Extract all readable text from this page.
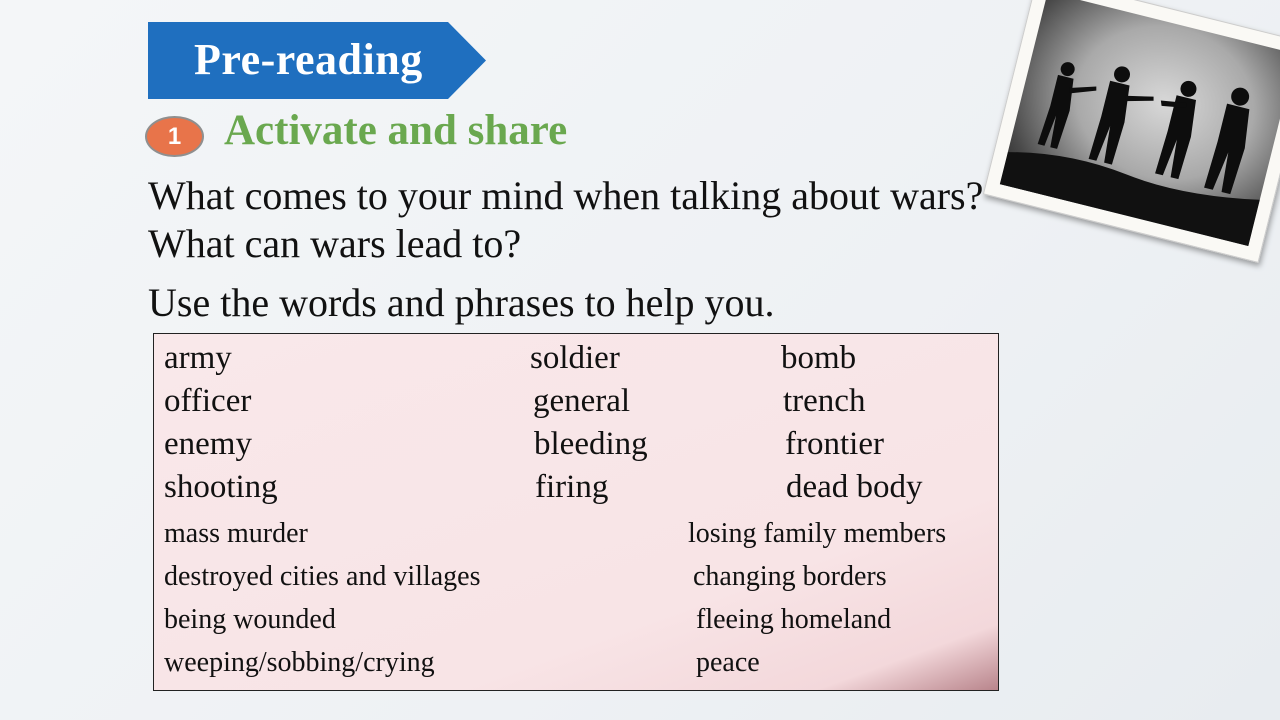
Pre-reading
1 Activate and share
What comes to your mind when talking about wars?
What can wars lead to?
Use the words and phrases to help you.
army
officer
enemy
shooting
soldier
general
bleeding
firing
bomb
trench
frontier
dead body
mass murder
destroyed cities and villages
being wounded
weeping/sobbing/crying
losing family members
changing borders
fleeing homeland
peace
